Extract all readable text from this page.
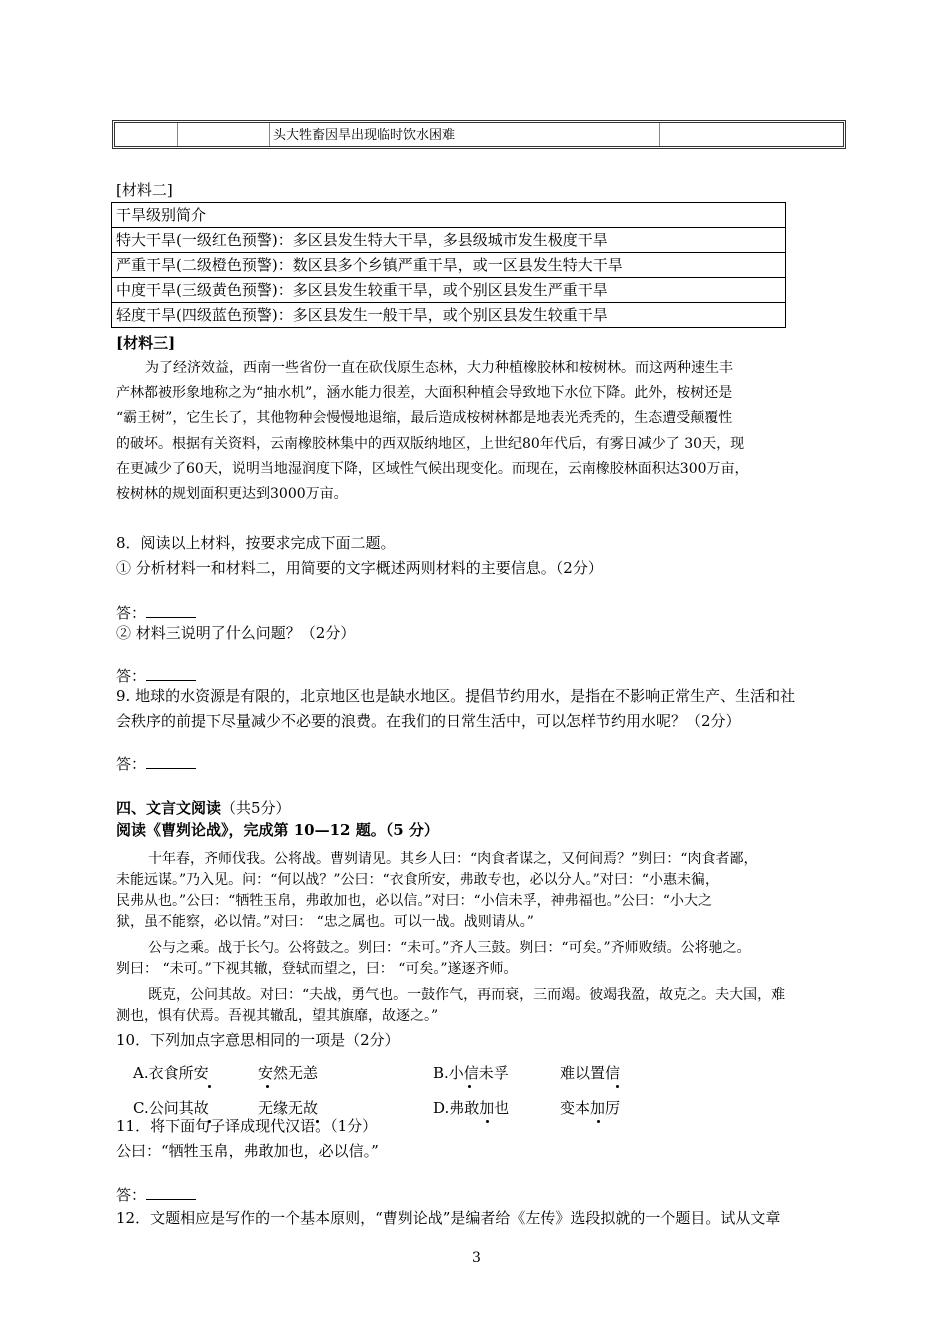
头大牲畜因旱出现临时饮水困难
[材料二]
干旱级别简介
特大干旱(一级红色预警)：多区县发生特大干旱，多县级城市发生极度干旱
严重干旱(二级橙色预警)：数区县多个乡镇严重干旱，或一区县发生特大干旱
中度干旱(三级黄色预警)：多区县发生较重干旱，或个别区县发生严重干旱
轻度干旱(四级蓝色预警)：多区县发生一般干旱，或个别区县发生较重干旱
[材料三]
为了经济效益，西南一些省份一直在砍伐原生态林，大力种植橡胶林和桉树林。而这两种速生丰
产林都被形象地称之为“抽水机”，涵水能力很差，大面积种植会导致地下水位下降。此外，桉树还是
“霸王树”，它生长了，其他物种会慢慢地退缩，最后造成桉树林都是地表光秃秃的，生态遭受颠覆性
的破坏。根据有关资料，云南橡胶林集中的西双版纳地区，上世纪80年代后，有雾日减少了 30天，现
在更减少了60天，说明当地湿润度下降，区域性气候出现变化。而现在，云南橡胶林面积达300万亩，
桉树林的规划面积更达到3000万亩。
8．阅读以上材料，按要求完成下面二题。
① 分析材料一和材料二，用简要的文字概述两则材料的主要信息。（2分）
答：
② 材料三说明了什么问题？（2分）
答：
9. 地球的水资源是有限的，北京地区也是缺水地区。提倡节约用水，是指在不影响正常生产、生活和社
会秩序的前提下尽量减少不必要的浪费。在我们的日常生活中，可以怎样节约用水呢？（2分）
答：
四、文言文阅读（共5分）
阅读《曹刿论战》，完成第 10—12 题。（5 分）
十年春，齐师伐我。公将战。曹刿请见。其乡人曰：“肉食者谋之，又何间焉？”刿曰：“肉食者鄙，
未能远谋。”乃入见。问：“何以战？”公曰：“衣食所安，弗敢专也，必以分人。”对曰：“小惠未徧，
民弗从也。”公曰：“牺牲玉帛，弗敢加也，必以信。”对曰：“小信未孚，神弗福也。”公曰：“小大之
狱，虽不能察，必以情。”对曰： “忠之属也。可以一战。战则请从。”
公与之乘。战于长勺。公将鼓之。刿曰：“未可。”齐人三鼓。刿曰：“可矣。”齐师败绩。公将驰之。
刿曰： “未可。”下视其辙，登轼而望之，曰： “可矣。”遂逐齐师。
既克，公问其故。对曰：“夫战，勇气也。一鼓作气，再而衰，三而竭。彼竭我盈，故克之。夫大国，难
测也，惧有伏焉。吾视其辙乱，望其旗靡，故逐之。”
10．下列加点字意思相同的一项是（2分）
A.衣食所安	安然无恙	B.小信未孚	难以置信
C.公问其故	无缘无故	D.弗敢加也	变本加厉
11．将下面句子译成现代汉语。（1分）
公曰：“牺牲玉帛，弗敢加也，必以信。”
答：
12．文题相应是写作的一个基本原则，“曹刿论战”是编者给《左传》选段拟就的一个题目。试从文章
3
